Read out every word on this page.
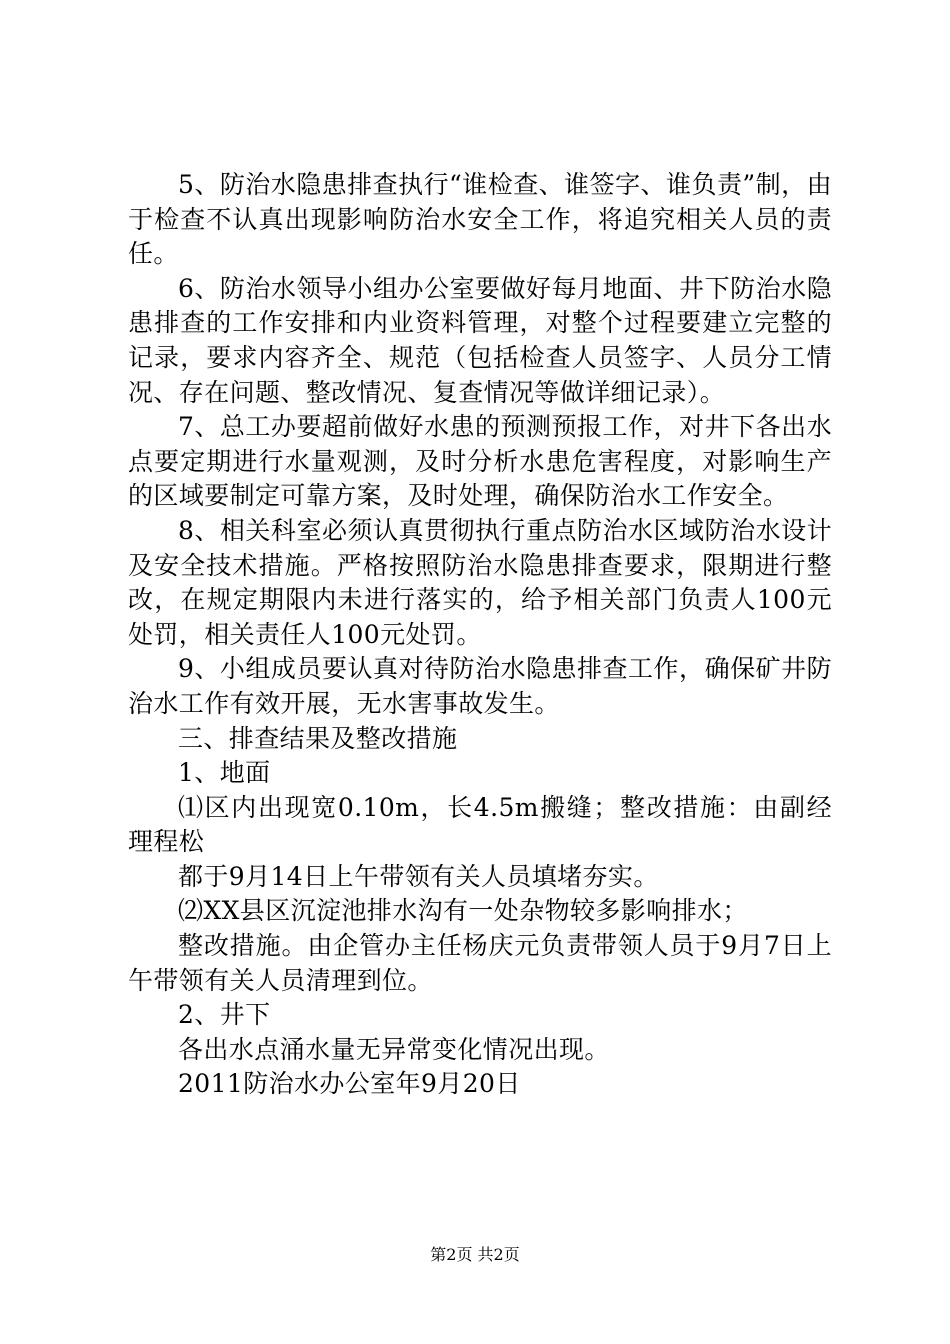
5、防治水隐患排查执行“谁检查、谁签字、谁负责”制，由于检查不认真出现影响防治水安全工作，将追究相关人员的责任。

6、防治水领导小组办公室要做好每月地面、井下防治水隐患排查的工作安排和内业资料管理，对整个过程要建立完整的记录，要求内容齐全、规范（包括检查人员签字、人员分工情况、存在问题、整改情况、复查情况等做详细记录）。

7、总工办要超前做好水患的预测预报工作，对井下各出水点要定期进行水量观测，及时分析水患危害程度，对影响生产的区域要制定可靠方案，及时处理，确保防治水工作安全。

8、相关科室必须认真贯彻执行重点防治水区域防治水设计及安全技术措施。严格按照防治水隐患排查要求，限期进行整改，在规定期限内未进行落实的，给予相关部门负责人100元处罚，相关责任人100元处罚。

9、小组成员要认真对待防治水隐患排查工作，确保矿井防治水工作有效开展，无水害事故发生。

三、排查结果及整改措施

1、地面

⑴区内出现宽0.10m，长4.5m搬缝；整改措施：由副经理程松

都于9月14日上午带领有关人员填堵夯实。

⑵XX县区沉淀池排水沟有一处杂物较多影响排水；

整改措施。由企管办主任杨庆元负责带领人员于9月7日上午带领有关人员清理到位。

2、井下

各出水点涌水量无异常变化情况出现。

2011防治水办公室年9月20日

第2页 共2页
